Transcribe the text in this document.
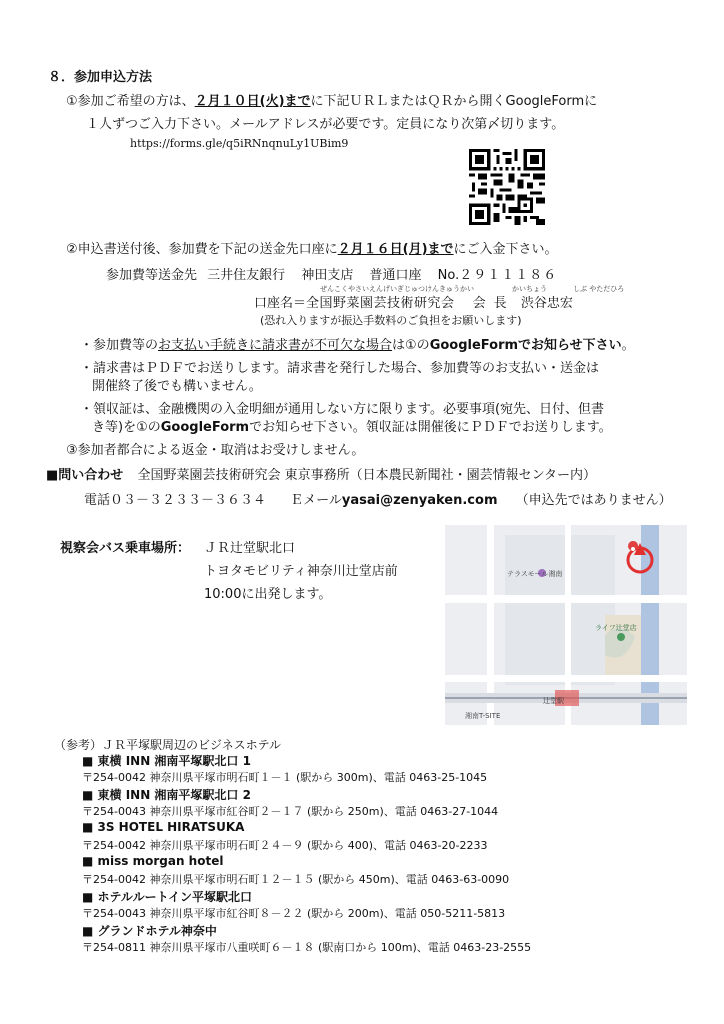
８．参加申込方法
①参加ご希望の方は、２月１０日(火)までに下記ＵＲＬまたはＱＲから開くGoogleFormに
１人ずつご入力下さい。メールアドレスが必要です。定員になり次第〆切ります。
https://forms.gle/q5iRNnqnuLy1UBim9
②申込書送付後、参加費を下記の送金先口座に２月１６日(月)までにご入金下さい。
参加費等送金先 三井住友銀行 神田支店 普通口座 No.２９１１１８６
ぜんこくやさいえんげいぎじゅつけんきゅうかい	かいちょう	しぶ やただひろ
口座名＝全国野菜園芸技術研究会 会長 渋谷忠宏
(恐れ入りますが振込手数料のご負担をお願いします)
・参加費等のお支払い手続きに請求書が不可欠な場合は①のGoogleFormでお知らせ下さい。
・請求書はＰＤＦでお送りします。請求書を発行した場合、参加費等のお支払い・送金は
開催終了後でも構いません。
・領収証は、金融機関の入金明細が通用しない方に限ります。必要事項(宛先、日付、但書
き等)を①のGoogleFormでお知らせ下さい。領収証は開催後にＰＤＦでお送りします。
③参加者都合による返金・取消はお受けしません。
■問い合わせ 全国野菜園芸技術研究会 東京事務所（日本農民新聞社・園芸情報センター内）
電話０３－３２３３－３６３４ Ｅメールyasai@zenyaken.com （申込先ではありません）
視察会バス乗車場所： ＪＲ辻堂駅北口
トヨタモビリティ神奈川辻堂店前
10:00に出発します。
辻堂駅
テラスモール湘南
ライフ辻堂店
湘南T-SITE
（参考）ＪＲ平塚駅周辺のビジネスホテル
■ 東横 INN 湘南平塚駅北口 1
〒254-0042 神奈川県平塚市明石町１－１ (駅から 300m)、電話 0463-25-1045
■ 東横 INN 湘南平塚駅北口 2
〒254-0043 神奈川県平塚市紅谷町２－１７ (駅から 250m)、電話 0463-27-1044
■ 3S HOTEL HIRATSUKA
〒254-0042 神奈川県平塚市明石町２４－９ (駅から 400)、電話 0463-20-2233
■ miss morgan hotel
〒254-0042 神奈川県平塚市明石町１２－１５ (駅から 450m)、電話 0463-63-0090
■ ホテルルートイン平塚駅北口
〒254-0043 神奈川県平塚市紅谷町８－２２ (駅から 200m)、電話 050-5211-5813
■ グランドホテル神奈中
〒254-0811 神奈川県平塚市八重咲町６－１８ (駅南口から 100m)、電話 0463-23-2555
